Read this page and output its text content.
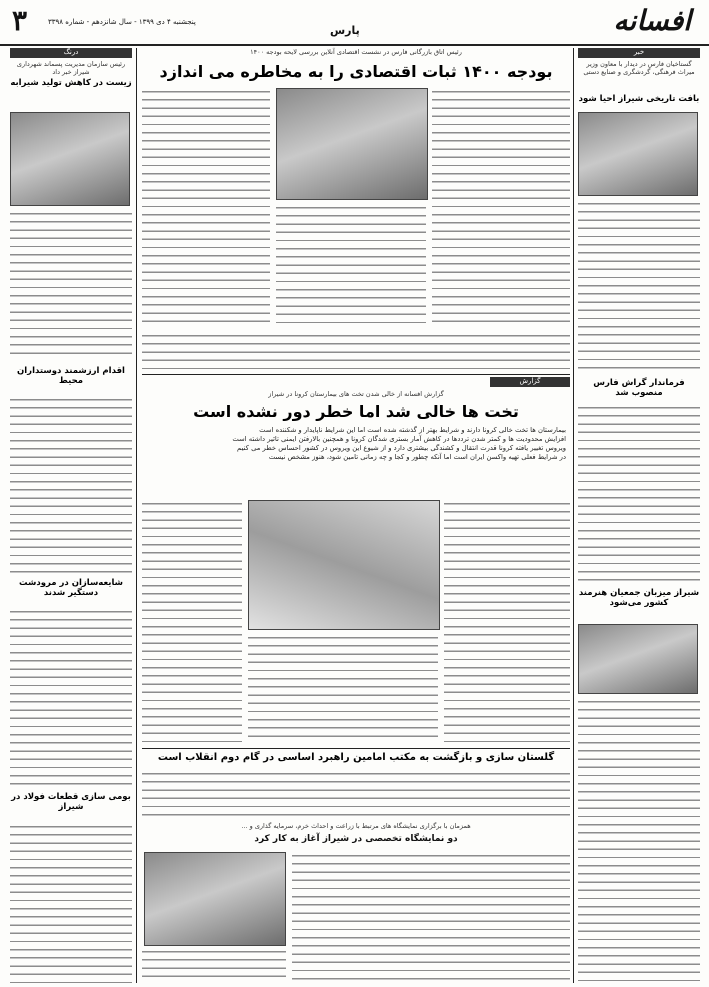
۳	پنجشنبه ۴ دی ۱۳۹۹ - سال شانزدهم - شماره ۳۳۹۸
پارس	افسانه
درنگ
رئیس سازمان مدیریت پسماند شهرداری شیراز خبر داد
زیست در کاهش تولید شیرابه
اقدام ارزشمند دوستداران محیط
شایعه‌سازان در مرودشت دستگیر شدند
بومی سازی قطعات فولاد در شیراز
خبر
گستاخیان فارس در دیدار با معاون وزیر میراث فرهنگی، گردشگری و صنایع دستی
بافت تاریخی شیراز احیا شود
فرماندار گراش فارس منصوب شد
شیراز میزبان جمعیان هنرمند کشور می‌شود
رئیس اتاق بازرگانی فارس در نشست اقتصادی آنلاین بررسی لایحه بودجه ۱۴۰۰
بودجه ۱۴۰۰ ثبات اقتصادی را به مخاطره می اندازد
گزارش
گزارش افسانه از خالی شدن تخت های بیمارستان کرونا در شیراز
تخت ها خالی شد اما خطر دور نشده است
بیمارستان ها تخت خالی کرونا دارند و شرایط بهتر از گذشته شده است اما این شرایط ناپایدار و شکننده است
افزایش محدودیت ها و کمتر شدن ترددها در کاهش آمار بستری شدگان کرونا و همچنین بالارفتن ایمنی تاثیر داشته است
ویروس تغییر یافته کرونا قدرت انتقال و کشندگی بیشتری دارد و از شیوع این ویروس در کشور احساس خطر می کنیم
در شرایط فعلی تهیه واکسن ایران است اما آنکه چطور و کجا و چه زمانی تامین شود، هنوز مشخص نیست
گلستان سازی و بازگشت به مکتب امامین راهبرد اساسی در گام دوم انقلاب است
همزمان با برگزاری نمایشگاه های مرتبط با زراعت و احداث خرم، سرمایه گذاری و ...
دو نمایشگاه تخصصی در شیراز آغاز به کار کرد
